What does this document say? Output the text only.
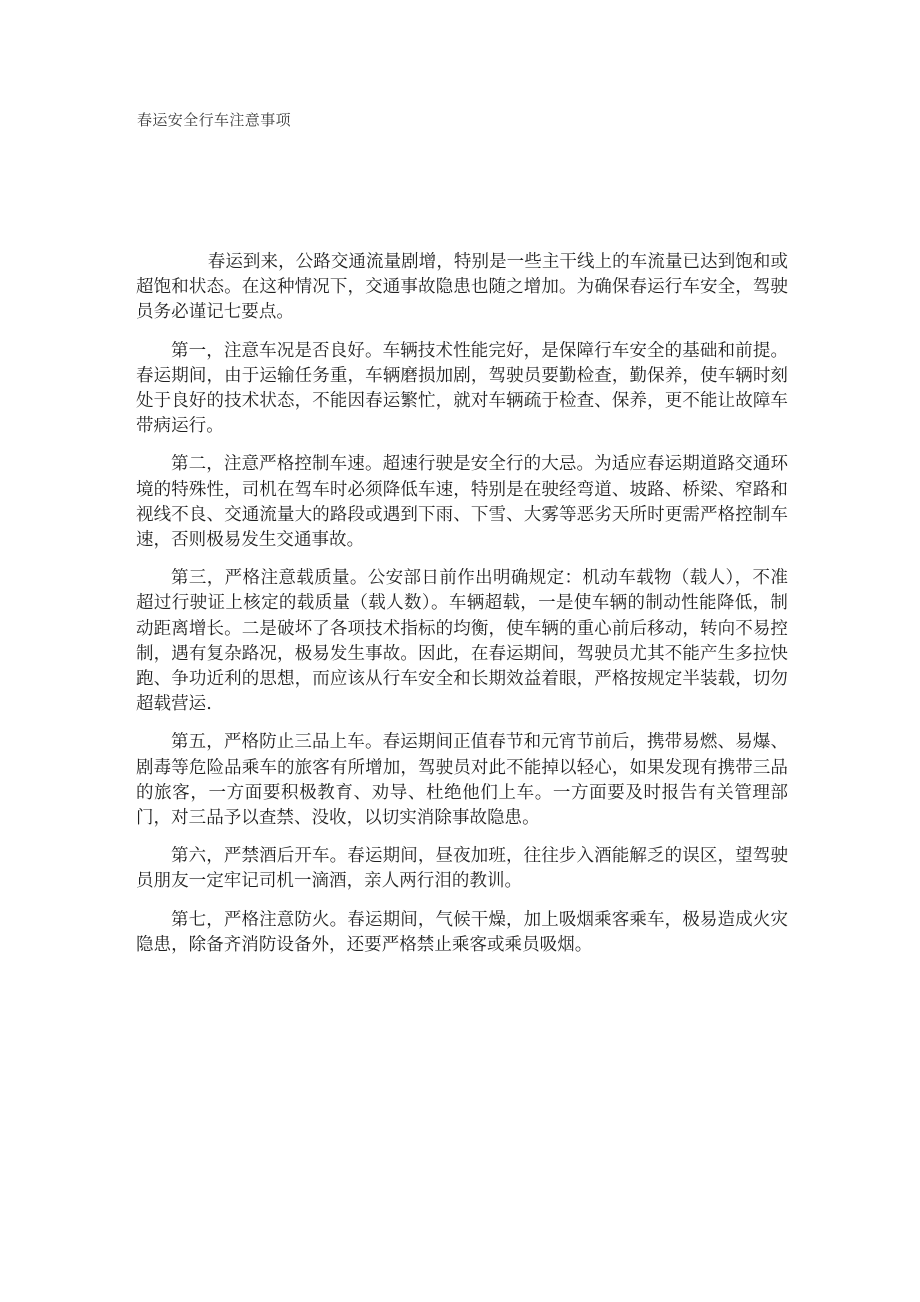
春运安全行车注意事项

春运到来，公路交通流量剧增，特别是一些主干线上的车流量已达到饱和或超饱和状态。在这种情况下，交通事故隐患也随之增加。为确保春运行车安全，驾驶员务必谨记七要点。

第一，注意车况是否良好。车辆技术性能完好，是保障行车安全的基础和前提。春运期间，由于运输任务重，车辆磨损加剧，驾驶员要勤检查，勤保养，使车辆时刻处于良好的技术状态，不能因春运繁忙，就对车辆疏于检查、保养，更不能让故障车带病运行。

第二，注意严格控制车速。超速行驶是安全行的大忌。为适应春运期道路交通环境的特殊性，司机在驾车时必须降低车速，特别是在驶经弯道、坡路、桥梁、窄路和视线不良、交通流量大的路段或遇到下雨、下雪、大雾等恶劣天所时更需严格控制车速，否则极易发生交通事故。

第三，严格注意载质量。公安部日前作出明确规定：机动车载物（载人），不准超过行驶证上核定的载质量（载人数）。车辆超载，一是使车辆的制动性能降低，制动距离增长。二是破坏了各项技术指标的均衡，使车辆的重心前后移动，转向不易控制，遇有复杂路况，极易发生事故。因此，在春运期间，驾驶员尤其不能产生多拉快跑、争功近利的思想，而应该从行车安全和长期效益着眼，严格按规定半装载，切勿超载营运.

第五，严格防止三品上车。春运期间正值春节和元宵节前后，携带易燃、易爆、剧毒等危险品乘车的旅客有所增加，驾驶员对此不能掉以轻心，如果发现有携带三品的旅客，一方面要积极教育、劝导、杜绝他们上车。一方面要及时报告有关管理部门，对三品予以查禁、没收，以切实消除事故隐患。

第六，严禁酒后开车。春运期间，昼夜加班，往往步入酒能解乏的误区，望驾驶员朋友一定牢记司机一滴酒，亲人两行泪的教训。

第七，严格注意防火。春运期间，气候干燥，加上吸烟乘客乘车，极易造成火灾隐患，除备齐消防设备外，还要严格禁止乘客或乘员吸烟。
